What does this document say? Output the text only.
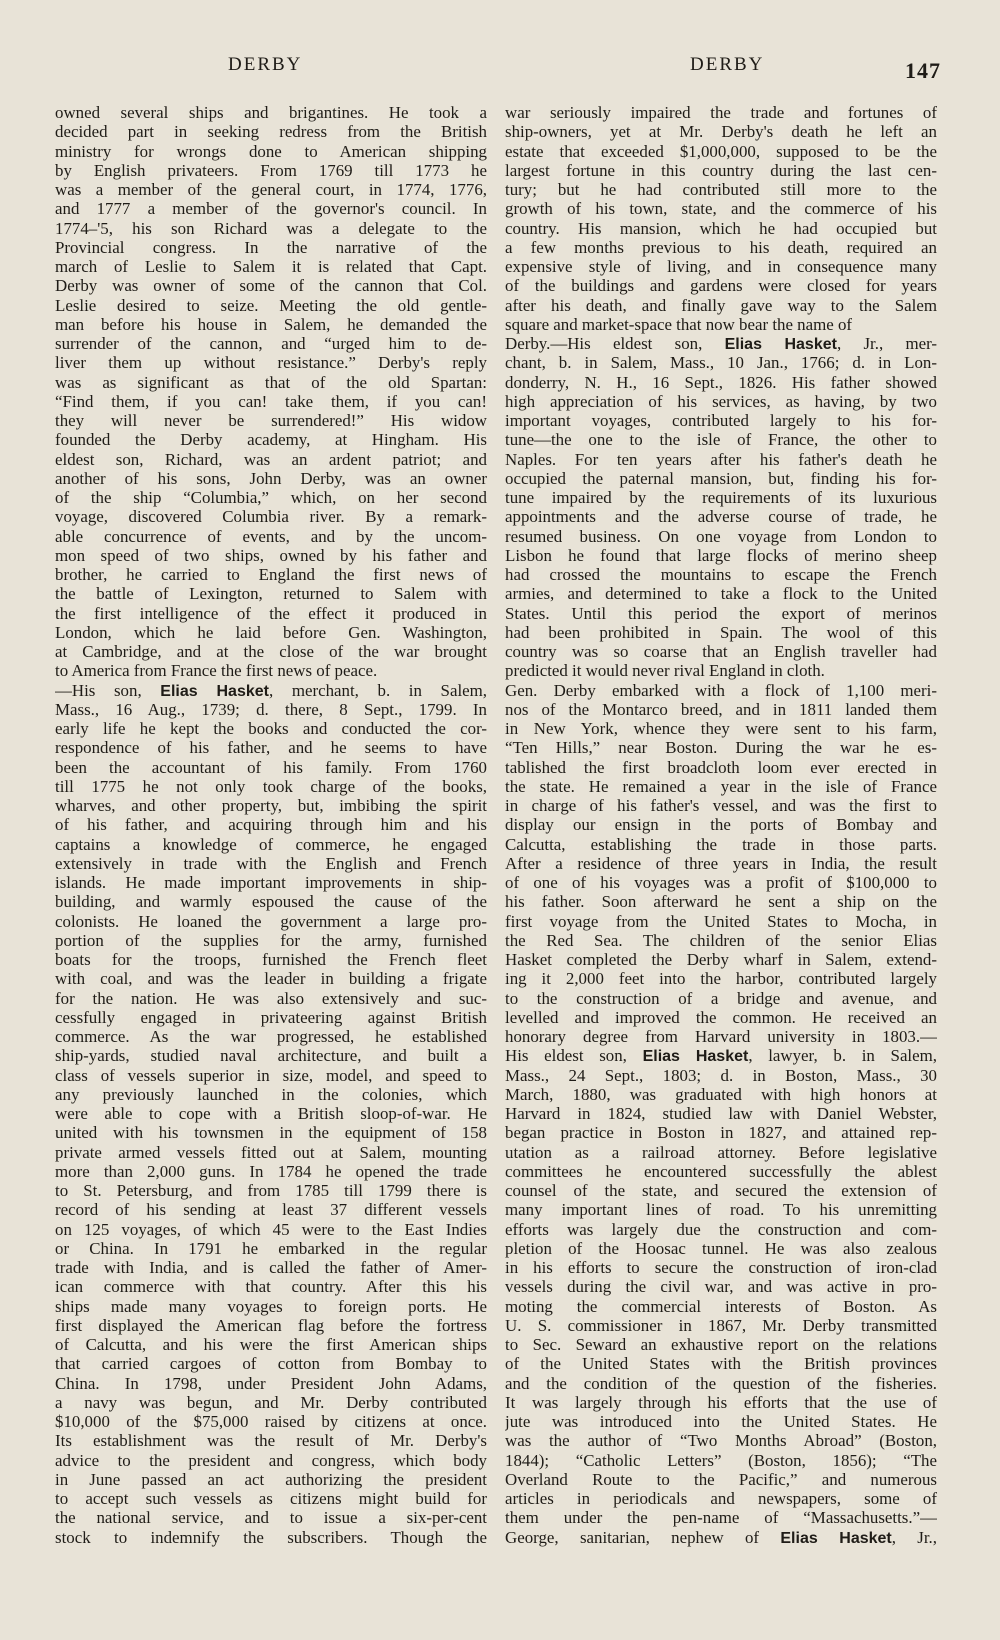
DERBY	DERBY	147
owned several ships and brigantines. He took a
decided part in seeking redress from the British
ministry for wrongs done to American shipping
by English privateers. From 1769 till 1773 he
was a member of the general court, in 1774, 1776,
and 1777 a member of the governor's council. In
1774–'5, his son Richard was a delegate to the
Provincial congress. In the narrative of the
march of Leslie to Salem it is related that Capt.
Derby was owner of some of the cannon that Col.
Leslie desired to seize. Meeting the old gentle-
man before his house in Salem, he demanded the
surrender of the cannon, and “urged him to de-
liver them up without resistance.” Derby's reply
was as significant as that of the old Spartan:
“Find them, if you can! take them, if you can!
they will never be surrendered!” His widow
founded the Derby academy, at Hingham. His
eldest son, Richard, was an ardent patriot; and
another of his sons, John Derby, was an owner
of the ship “Columbia,” which, on her second
voyage, discovered Columbia river. By a remark-
able concurrence of events, and by the uncom-
mon speed of two ships, owned by his father and
brother, he carried to England the first news of
the battle of Lexington, returned to Salem with
the first intelligence of the effect it produced in
London, which he laid before Gen. Washington,
at Cambridge, and at the close of the war brought
to America from France the first news of peace.
—His son, Elias Hasket, merchant, b. in Salem,
Mass., 16 Aug., 1739; d. there, 8 Sept., 1799. In
early life he kept the books and conducted the cor-
respondence of his father, and he seems to have
been the accountant of his family. From 1760
till 1775 he not only took charge of the books,
wharves, and other property, but, imbibing the spirit
of his father, and acquiring through him and his
captains a knowledge of commerce, he engaged
extensively in trade with the English and French
islands. He made important improvements in ship-
building, and warmly espoused the cause of the
colonists. He loaned the government a large pro-
portion of the supplies for the army, furnished
boats for the troops, furnished the French fleet
with coal, and was the leader in building a frigate
for the nation. He was also extensively and suc-
cessfully engaged in privateering against British
commerce. As the war progressed, he established
ship-yards, studied naval architecture, and built a
class of vessels superior in size, model, and speed to
any previously launched in the colonies, which
were able to cope with a British sloop-of-war. He
united with his townsmen in the equipment of 158
private armed vessels fitted out at Salem, mounting
more than 2,000 guns. In 1784 he opened the trade
to St. Petersburg, and from 1785 till 1799 there is
record of his sending at least 37 different vessels
on 125 voyages, of which 45 were to the East Indies
or China. In 1791 he embarked in the regular
trade with India, and is called the father of Amer-
ican commerce with that country. After this his
ships made many voyages to foreign ports. He
first displayed the American flag before the fortress
of Calcutta, and his were the first American ships
that carried cargoes of cotton from Bombay to
China. In 1798, under President John Adams,
a navy was begun, and Mr. Derby contributed
$10,000 of the $75,000 raised by citizens at once.
Its establishment was the result of Mr. Derby's
advice to the president and congress, which body
in June passed an act authorizing the president
to accept such vessels as citizens might build for
the national service, and to issue a six-per-cent
stock to indemnify the subscribers. Though the
war seriously impaired the trade and fortunes of
ship-owners, yet at Mr. Derby's death he left an
estate that exceeded $1,000,000, supposed to be the
largest fortune in this country during the last cen-
tury; but he had contributed still more to the
growth of his town, state, and the commerce of his
country. His mansion, which he had occupied but
a few months previous to his death, required an
expensive style of living, and in consequence many
of the buildings and gardens were closed for years
after his death, and finally gave way to the Salem
square and market-space that now bear the name of
Derby.—His eldest son, Elias Hasket, Jr., mer-
chant, b. in Salem, Mass., 10 Jan., 1766; d. in Lon-
donderry, N. H., 16 Sept., 1826. His father showed
high appreciation of his services, as having, by two
important voyages, contributed largely to his for-
tune—the one to the isle of France, the other to
Naples. For ten years after his father's death he
occupied the paternal mansion, but, finding his for-
tune impaired by the requirements of its luxurious
appointments and the adverse course of trade, he
resumed business. On one voyage from London to
Lisbon he found that large flocks of merino sheep
had crossed the mountains to escape the French
armies, and determined to take a flock to the United
States. Until this period the export of merinos
had been prohibited in Spain. The wool of this
country was so coarse that an English traveller had
predicted it would never rival England in cloth.
Gen. Derby embarked with a flock of 1,100 meri-
nos of the Montarco breed, and in 1811 landed them
in New York, whence they were sent to his farm,
“Ten Hills,” near Boston. During the war he es-
tablished the first broadcloth loom ever erected in
the state. He remained a year in the isle of France
in charge of his father's vessel, and was the first to
display our ensign in the ports of Bombay and
Calcutta, establishing the trade in those parts.
After a residence of three years in India, the result
of one of his voyages was a profit of $100,000 to
his father. Soon afterward he sent a ship on the
first voyage from the United States to Mocha, in
the Red Sea. The children of the senior Elias
Hasket completed the Derby wharf in Salem, extend-
ing it 2,000 feet into the harbor, contributed largely
to the construction of a bridge and avenue, and
levelled and improved the common. He received an
honorary degree from Harvard university in 1803.—
His eldest son, Elias Hasket, lawyer, b. in Salem,
Mass., 24 Sept., 1803; d. in Boston, Mass., 30
March, 1880, was graduated with high honors at
Harvard in 1824, studied law with Daniel Webster,
began practice in Boston in 1827, and attained rep-
utation as a railroad attorney. Before legislative
committees he encountered successfully the ablest
counsel of the state, and secured the extension of
many important lines of road. To his unremitting
efforts was largely due the construction and com-
pletion of the Hoosac tunnel. He was also zealous
in his efforts to secure the construction of iron-clad
vessels during the civil war, and was active in pro-
moting the commercial interests of Boston. As
U. S. commissioner in 1867, Mr. Derby transmitted
to Sec. Seward an exhaustive report on the relations
of the United States with the British provinces
and the condition of the question of the fisheries.
It was largely through his efforts that the use of
jute was introduced into the United States. He
was the author of “Two Months Abroad” (Boston,
1844); “Catholic Letters” (Boston, 1856); “The
Overland Route to the Pacific,” and numerous
articles in periodicals and newspapers, some of
them under the pen-name of “Massachusetts.”—
George, sanitarian, nephew of Elias Hasket, Jr.,
